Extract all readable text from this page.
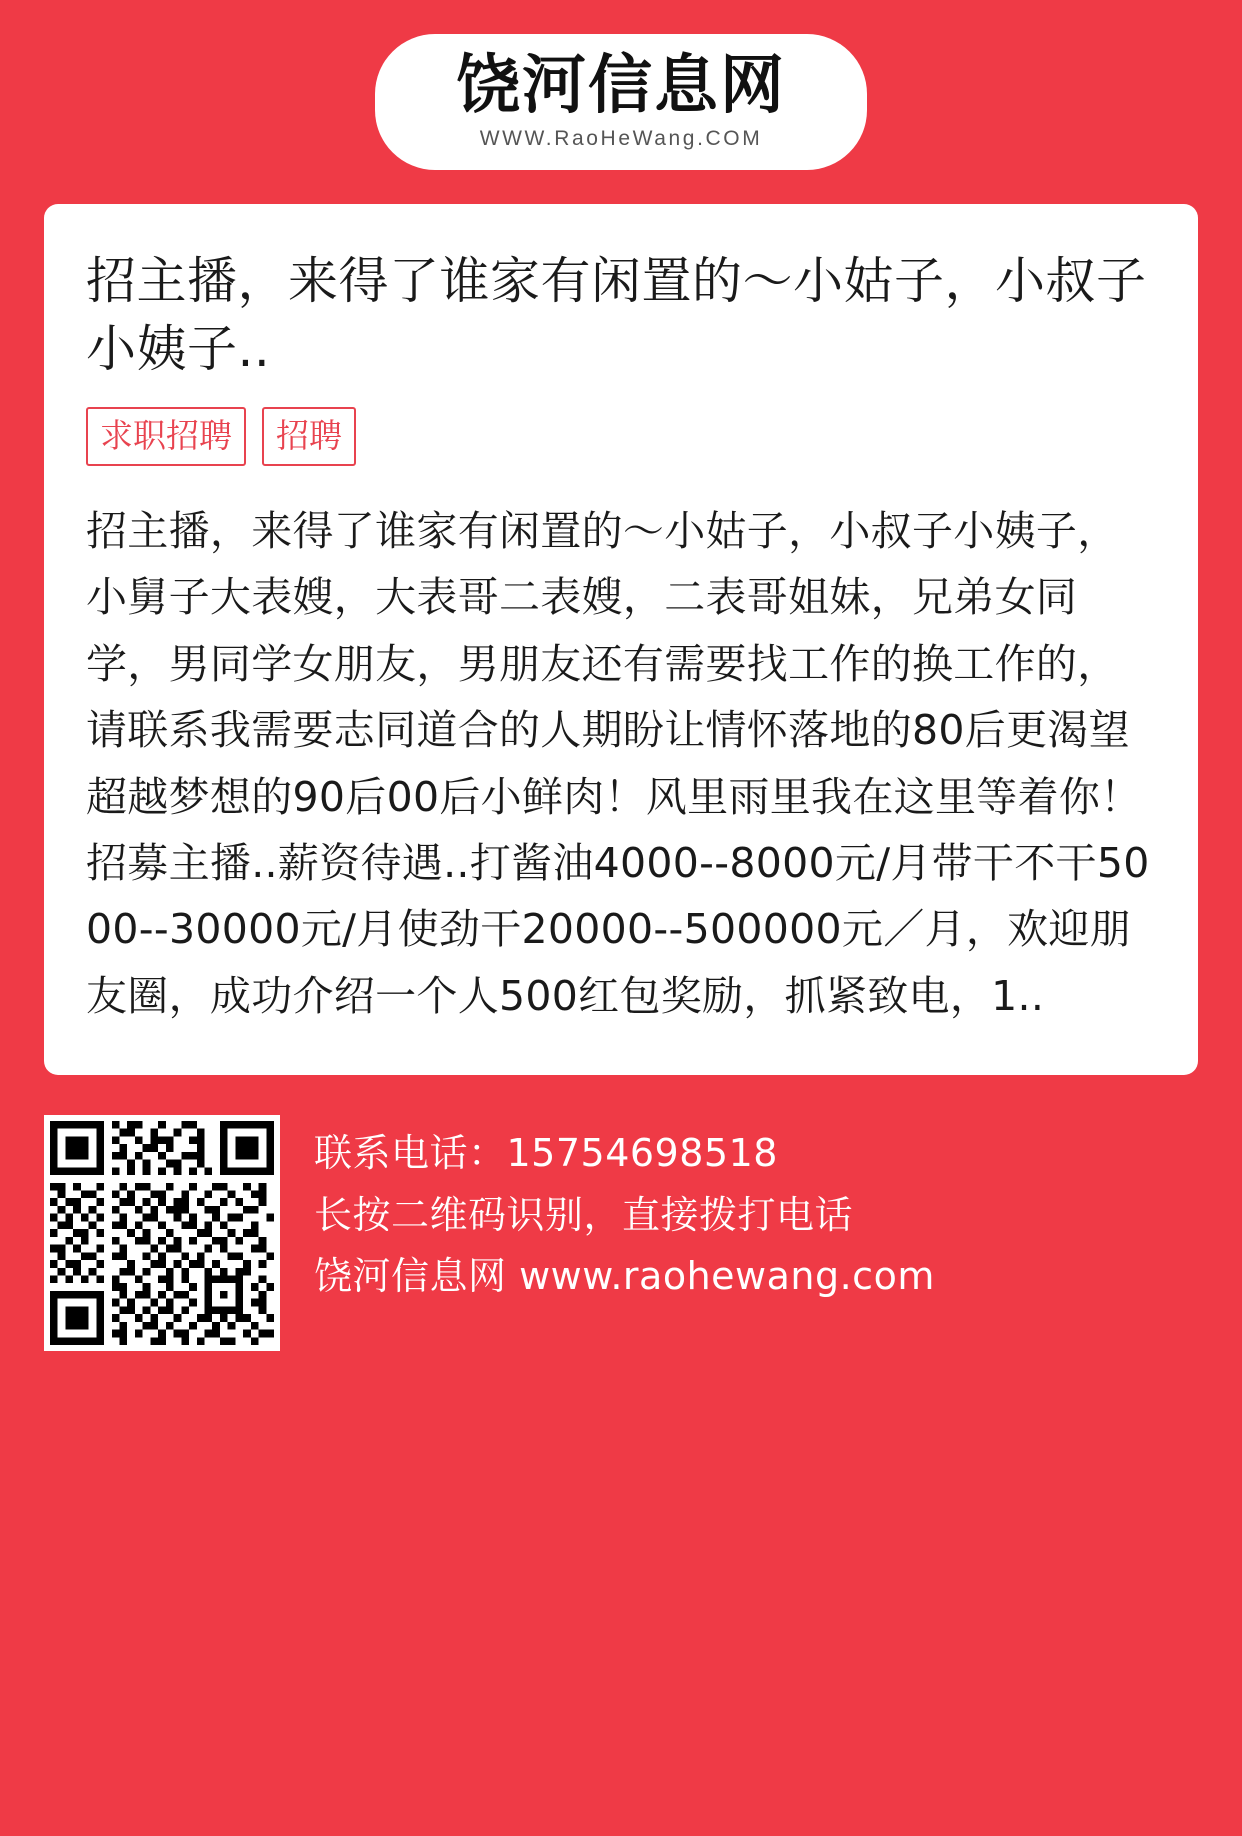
饶河信息网
WWW.RaoHeWang.COM
招主播，来得了谁家有闲置的～小姑子，小叔子小姨子..
求职招聘	招聘

招主播，来得了谁家有闲置的～小姑子，小叔子小姨子，小舅子大表嫂，大表哥二表嫂，二表哥姐妹，兄弟女同学，男同学女朋友，男朋友还有需要找工作的换工作的，请联系我需要志同道合的人期盼让情怀落地的80后更渴望超越梦想的90后00后小鲜肉！风里雨里我在这里等着你！招募主播..薪资待遇..打酱油4000--8000元/月带干不干5000--30000元/月使劲干20000--500000元／月，欢迎朋友圈，成功介绍一个人500红包奖励，抓紧致电，1..

联系电话：15754698518
长按二维码识别，直接拨打电话
饶河信息网 www.raohewang.com
